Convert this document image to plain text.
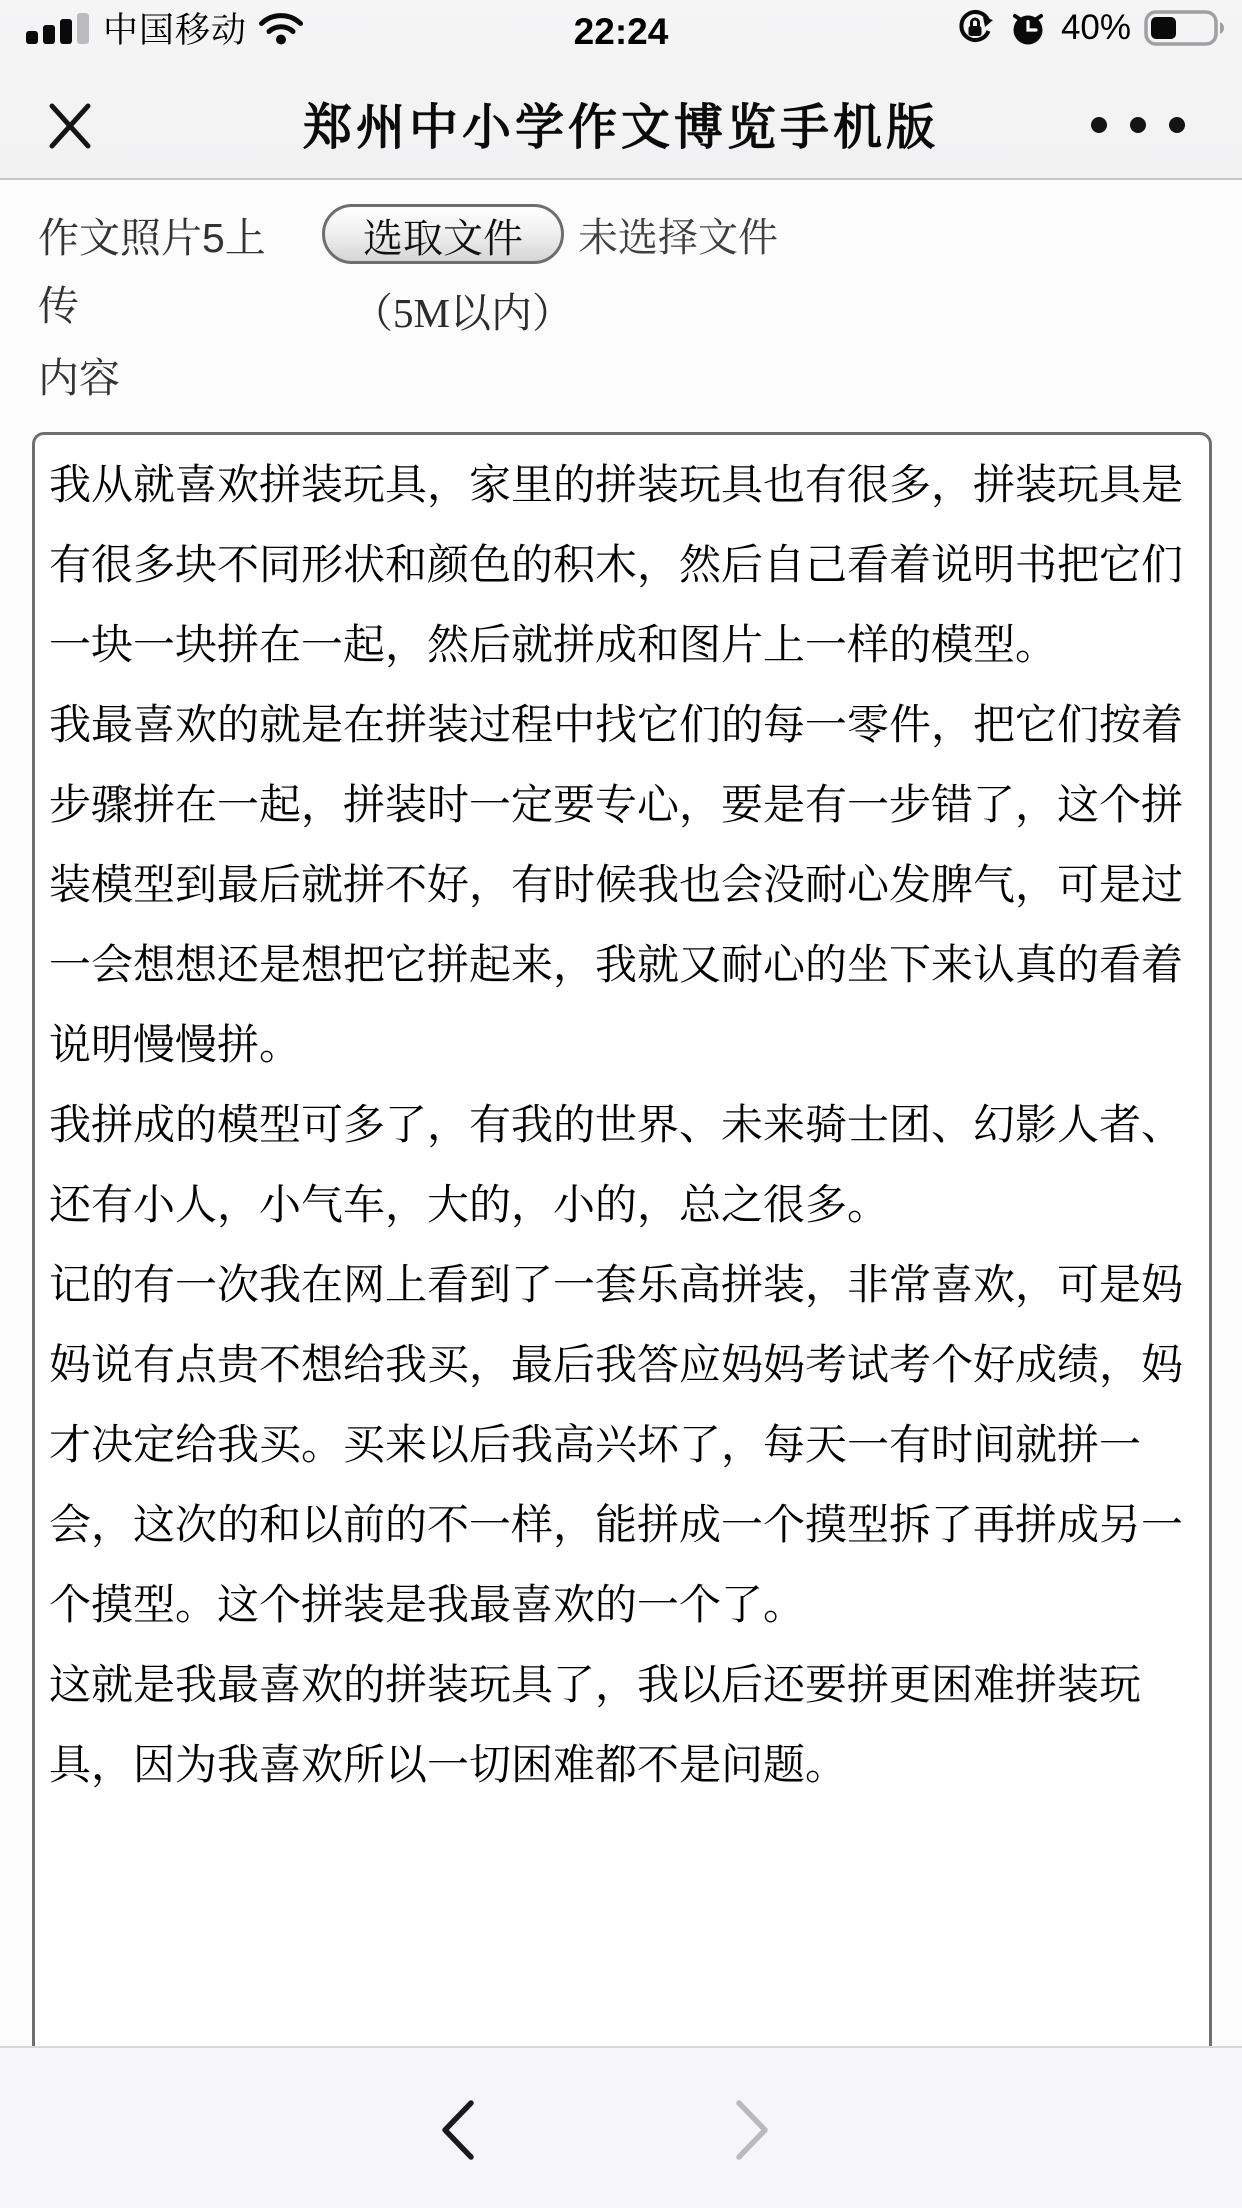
中国移动	22:24	40%
郑州中小学作文博览手机版
作文照片5上传
选取文件	未选择文件
（5M以内）
内容
我从就喜欢拼装玩具，家里的拼装玩具也有很多，拼装玩具是有很多块不同形状和颜色的积木，然后自己看着说明书把它们一块一块拼在一起，然后就拼成和图片上一样的模型。 我最喜欢的就是在拼装过程中找它们的每一零件，把它们按着步骤拼在一起，拼装时一定要专心，要是有一步错了，这个拼装模型到最后就拼不好，有时候我也会没耐心发脾气，可是过一会想想还是想把它拼起来，我就又耐心的坐下来认真的看着说明慢慢拼。 我拼成的模型可多了，有我的世界、未来骑士团、幻影人者、还有小人，小气车，大的，小的，总之很多。 记的有一次我在网上看到了一套乐高拼装，非常喜欢，可是妈妈说有点贵不想给我买，最后我答应妈妈考试考个好成绩，妈才决定给我买。买来以后我高兴坏了，每天一有时间就拼一会，这次的和以前的不一样，能拼成一个摸型拆了再拼成另一个摸型。这个拼装是我最喜欢的一个了。 这就是我最喜欢的拼装玩具了，我以后还要拼更困难拼装玩具，因为我喜欢所以一切困难都不是问题。
